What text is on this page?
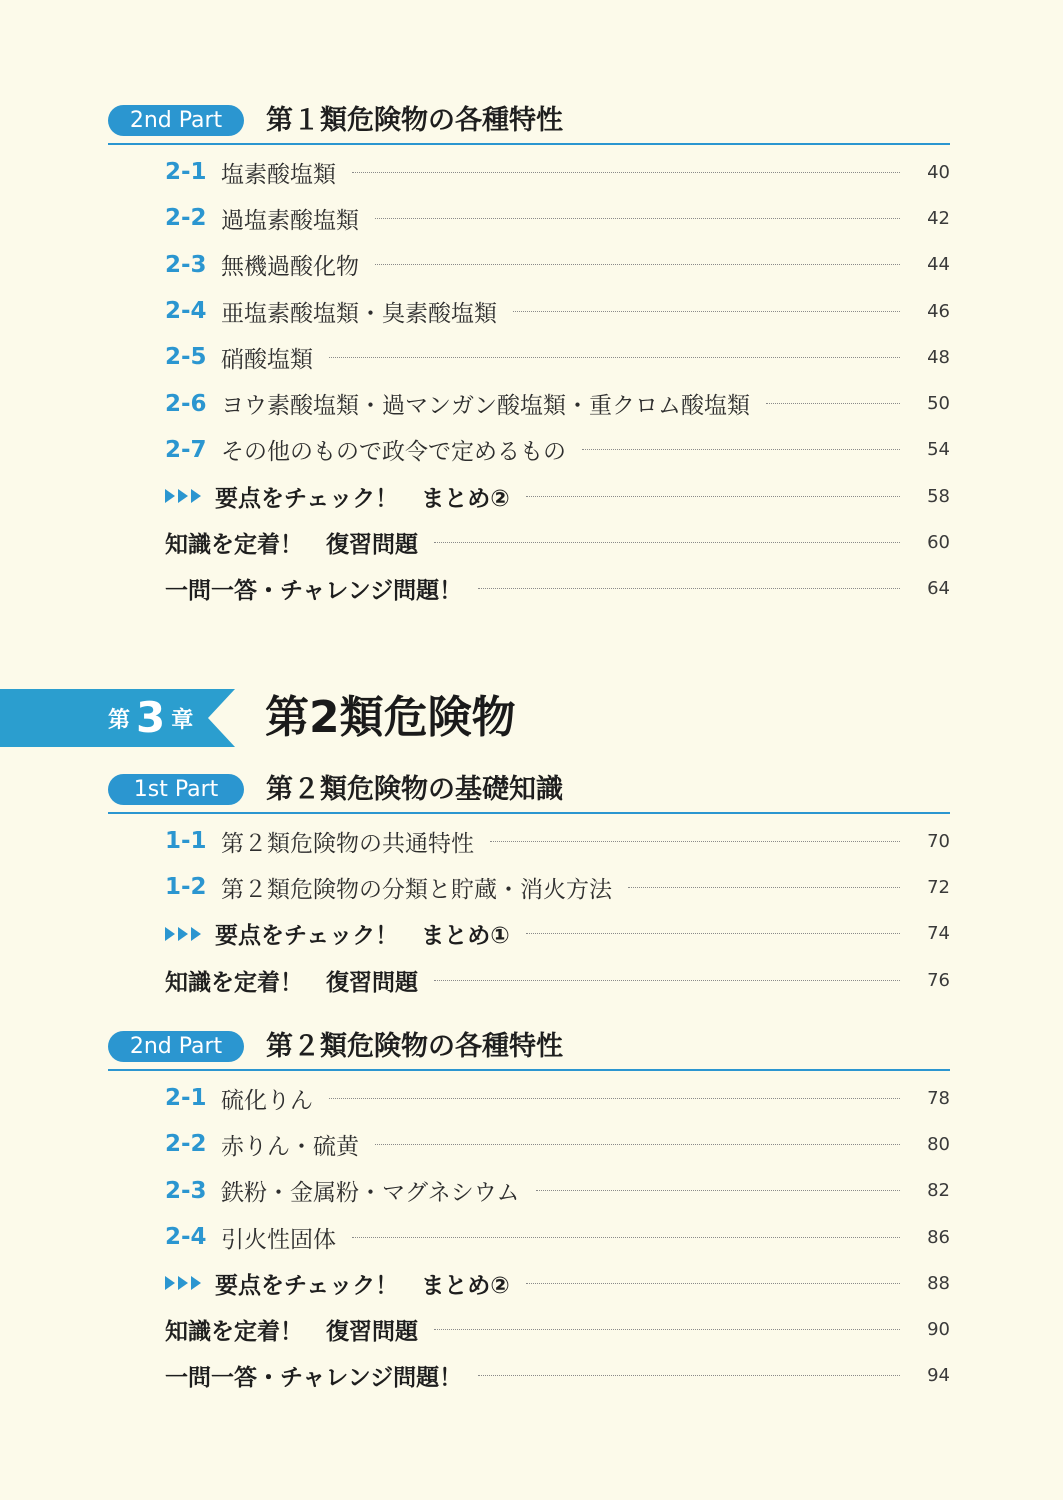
2nd Part	第１類危険物の各種特性
2-1 塩素酸塩類	40
2-2 過塩素酸塩類	42
2-3 無機過酸化物	44
2-4 亜塩素酸塩類・臭素酸塩類	46
2-5 硝酸塩類	48
2-6 ヨウ素酸塩類・過マンガン酸塩類・重クロム酸塩類	50
2-7 その他のもので政令で定めるもの	54
要点をチェック！　まとめ②	58
知識を定着！　復習問題	60
一問一答・チャレンジ問題！	64
第 3 章 第2類危険物
1st Part	第２類危険物の基礎知識
1-1 第２類危険物の共通特性	70
1-2 第２類危険物の分類と貯蔵・消火方法	72
要点をチェック！　まとめ①	74
知識を定着！　復習問題	76
2nd Part	第２類危険物の各種特性
2-1 硫化りん	78
2-2 赤りん・硫黄	80
2-3 鉄粉・金属粉・マグネシウム	82
2-4 引火性固体	86
要点をチェック！　まとめ②	88
知識を定着！　復習問題	90
一問一答・チャレンジ問題！	94
